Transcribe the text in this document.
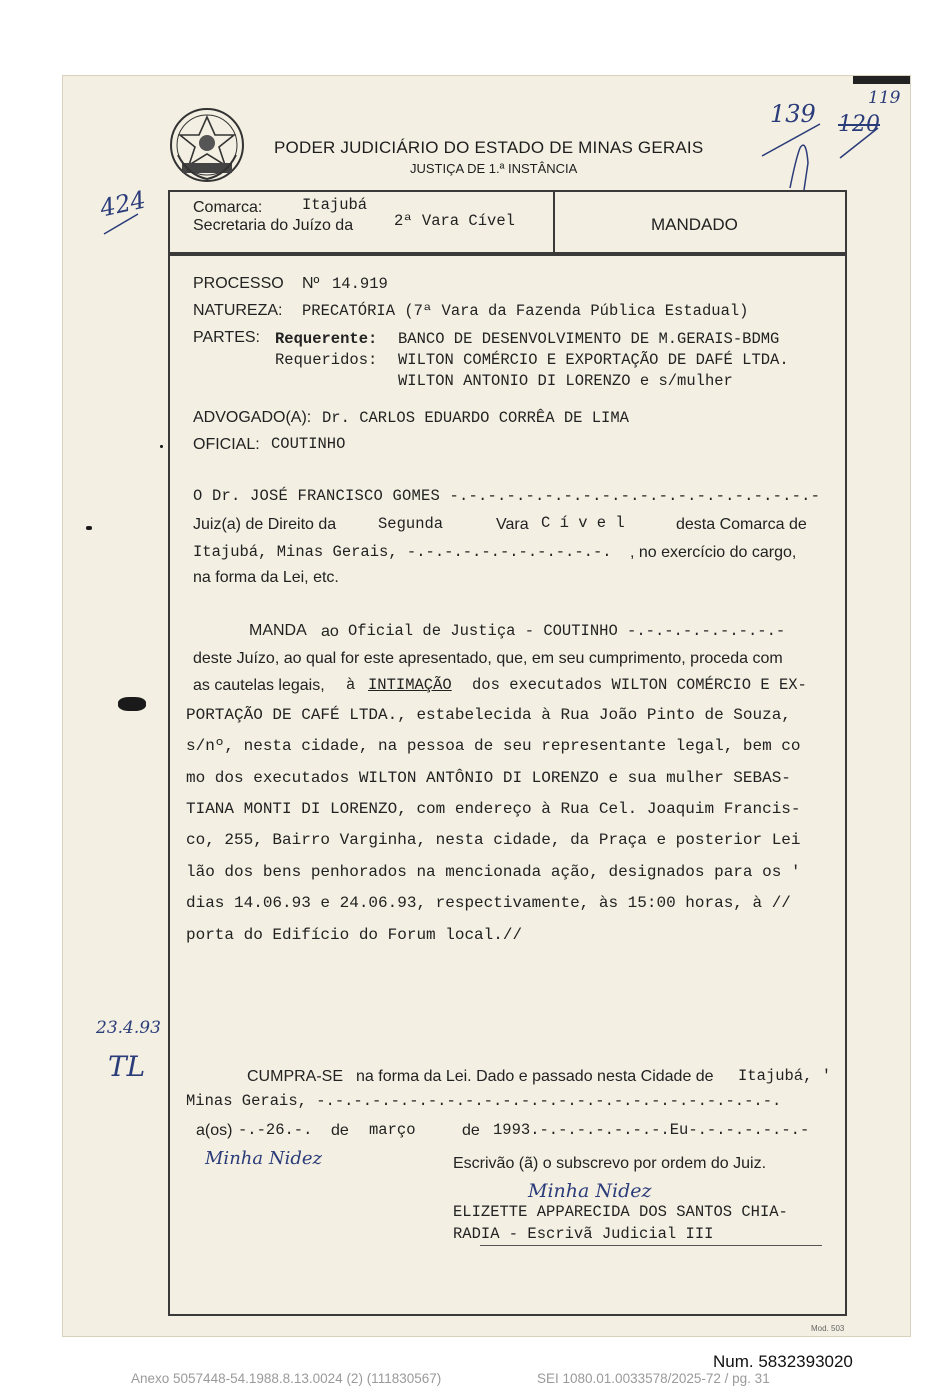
PODER JUDICIÁRIO DO ESTADO DE MINAS GERAIS
JUSTIÇA DE 1.ª INSTÂNCIA
424
139 120
119
23.4.93
TL
Comarca:	Itajubá
Secretaria do Juízo da	2ª Vara Cível	MANDADO
PROCESSO Nº 14.919
NATUREZA: PRECATÓRIA (7ª Vara da Fazenda Pública Estadual)
PARTES: Requerente: BANCO DE DESENVOLVIMENTO DE M.GERAIS-BDMG
Requeridos: WILTON COMÉRCIO E EXPORTAÇÃO DE DAFÉ LTDA.
WILTON ANTONIO DI LORENZO e s/mulher
ADVOGADO(A): Dr. CARLOS EDUARDO CORRÊA DE LIMA
OFICIAL: COUTINHO
O Dr. JOSÉ FRANCISCO GOMES -.-.-.-.-.-.-.-.-.-.-.-.-.-.-.-.-.-.-.-
Juiz(a) de Direito da	Segunda	Vara C í v e l	desta Comarca de
Itajubá, Minas Gerais, -.-.-.-.-.-.-.-.-.-.-. , no exercício do cargo,
na forma da Lei, etc.
MANDA ao Oficial de Justiça - COUTINHO -.-.-.-.-.-.-.-.-
deste Juízo, ao qual for este apresentado, que, em seu cumprimento, proceda com
as cautelas legais, à INTIMAÇÃO dos executados WILTON COMÉRCIO E EX-
PORTAÇÃO DE CAFÉ LTDA., estabelecida à Rua João Pinto de Souza,
s/nº, nesta cidade, na pessoa de seu representante legal, bem co
mo dos executados WILTON ANTÔNIO DI LORENZO e sua mulher SEBAS-
TIANA MONTI DI LORENZO, com endereço à Rua Cel. Joaquim Francis-
co, 255, Bairro Varginha, nesta cidade, da Praça e posterior Lei
lão dos bens penhorados na mencionada ação, designados para os '
dias 14.06.93 e 24.06.93, respectivamente, às 15:00 horas, à //
porta do Edifício do Forum local.//
CUMPRA-SE na forma da Lei. Dado e passado nesta Cidade de Itajubá, '
Minas Gerais, -.-.-.-.-.-.-.-.-.-.-.-.-.-.-.-.-.-.-.-.-.-.-.-.-.
a(os) -.-26.-. de março	de 1993.-.-.-.-.-.-.-.Eu-.-.-.-.-.-.-
Minha Nidez	Escrivão (ã) o subscrevo por ordem do Juiz.
Minha Nidez
ELIZETTE APPARECIDA DOS SANTOS CHIA-
RADIA - Escrivã Judicial III
Mod. 503
Num. 5832393020
Anexo 5057448-54.1988.8.13.0024 (2) (111830567)	SEI 1080.01.0033578/2025-72 / pg. 31
